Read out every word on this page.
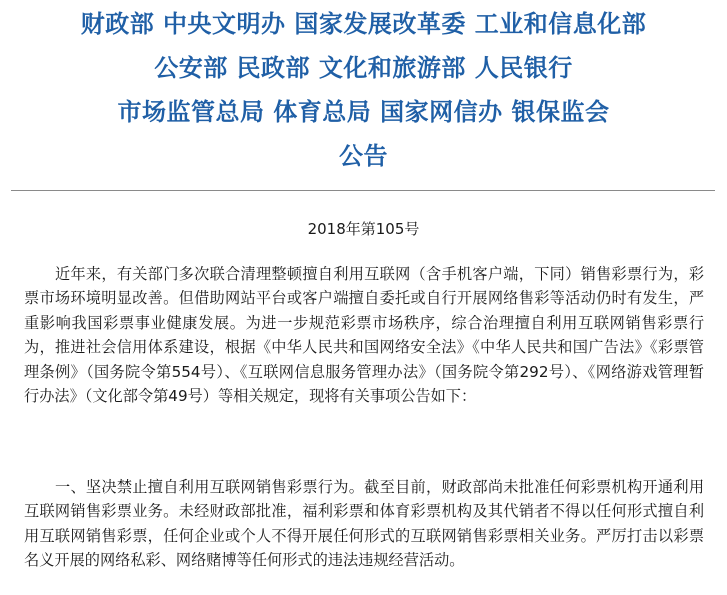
财政部 中央文明办 国家发展改革委 工业和信息化部
公安部 民政部 文化和旅游部 人民银行
市场监管总局 体育总局 国家网信办 银保监会
公告
2018年第105号
近年来，有关部门多次联合清理整顿擅自利用互联网（含手机客户端，下同）销售彩票行为，彩票市场环境明显改善。但借助网站平台或客户端擅自委托或自行开展网络售彩等活动仍时有发生，严重影响我国彩票事业健康发展。为进一步规范彩票市场秩序，综合治理擅自利用互联网销售彩票行为，推进社会信用体系建设，根据《中华人民共和国网络安全法》《中华人民共和国广告法》《彩票管理条例》（国务院令第554号）、《互联网信息服务管理办法》（国务院令第292号）、《网络游戏管理暂行办法》（文化部令第49号）等相关规定，现将有关事项公告如下：
一、坚决禁止擅自利用互联网销售彩票行为。截至目前，财政部尚未批准任何彩票机构开通利用互联网销售彩票业务。未经财政部批准，福利彩票和体育彩票机构及其代销者不得以任何形式擅自利用互联网销售彩票，任何企业或个人不得开展任何形式的互联网销售彩票相关业务。严厉打击以彩票名义开展的网络私彩、网络赌博等任何形式的违法违规经营活动。
